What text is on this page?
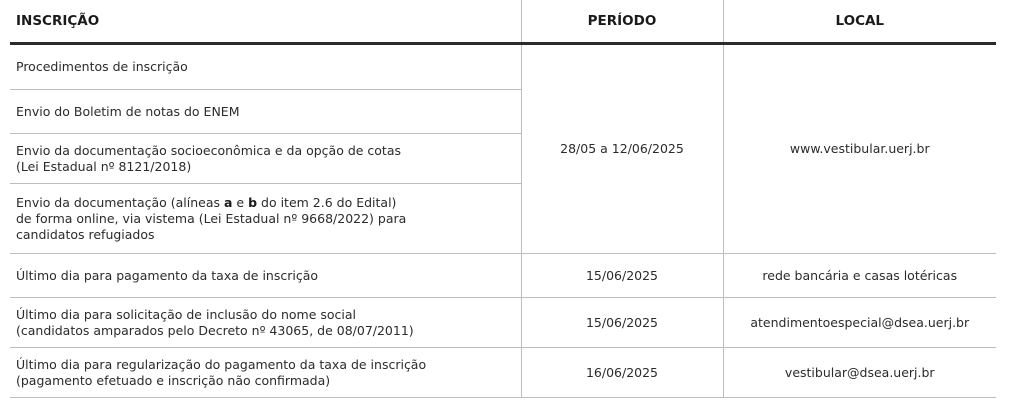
INSCRIÇÃO	PERÍODO	LOCAL

Procedimentos de inscrição	28/05 a 12/06/2025	www.vestibular.uerj.br

Envio do Boletim de notas do ENEM		

Envio da documentação socioeconômica e da opção de cotas
(Lei Estadual nº 8121/2018)		

Envio da documentação (alíneas a e b do item 2.6 do Edital)
de forma online, via vistema (Lei Estadual nº 9668/2022) para
candidatos refugiados		

Último dia para pagamento da taxa de inscrição	15/06/2025	rede bancária e casas lotéricas

Último dia para solicitação de inclusão do nome social
(candidatos amparados pelo Decreto nº 43065, de 08/07/2011)	15/06/2025	atendimentoespecial@dsea.uerj.br

Último dia para regularização do pagamento da taxa de inscrição
(pagamento efetuado e inscrição não confirmada)	16/06/2025	vestibular@dsea.uerj.br
